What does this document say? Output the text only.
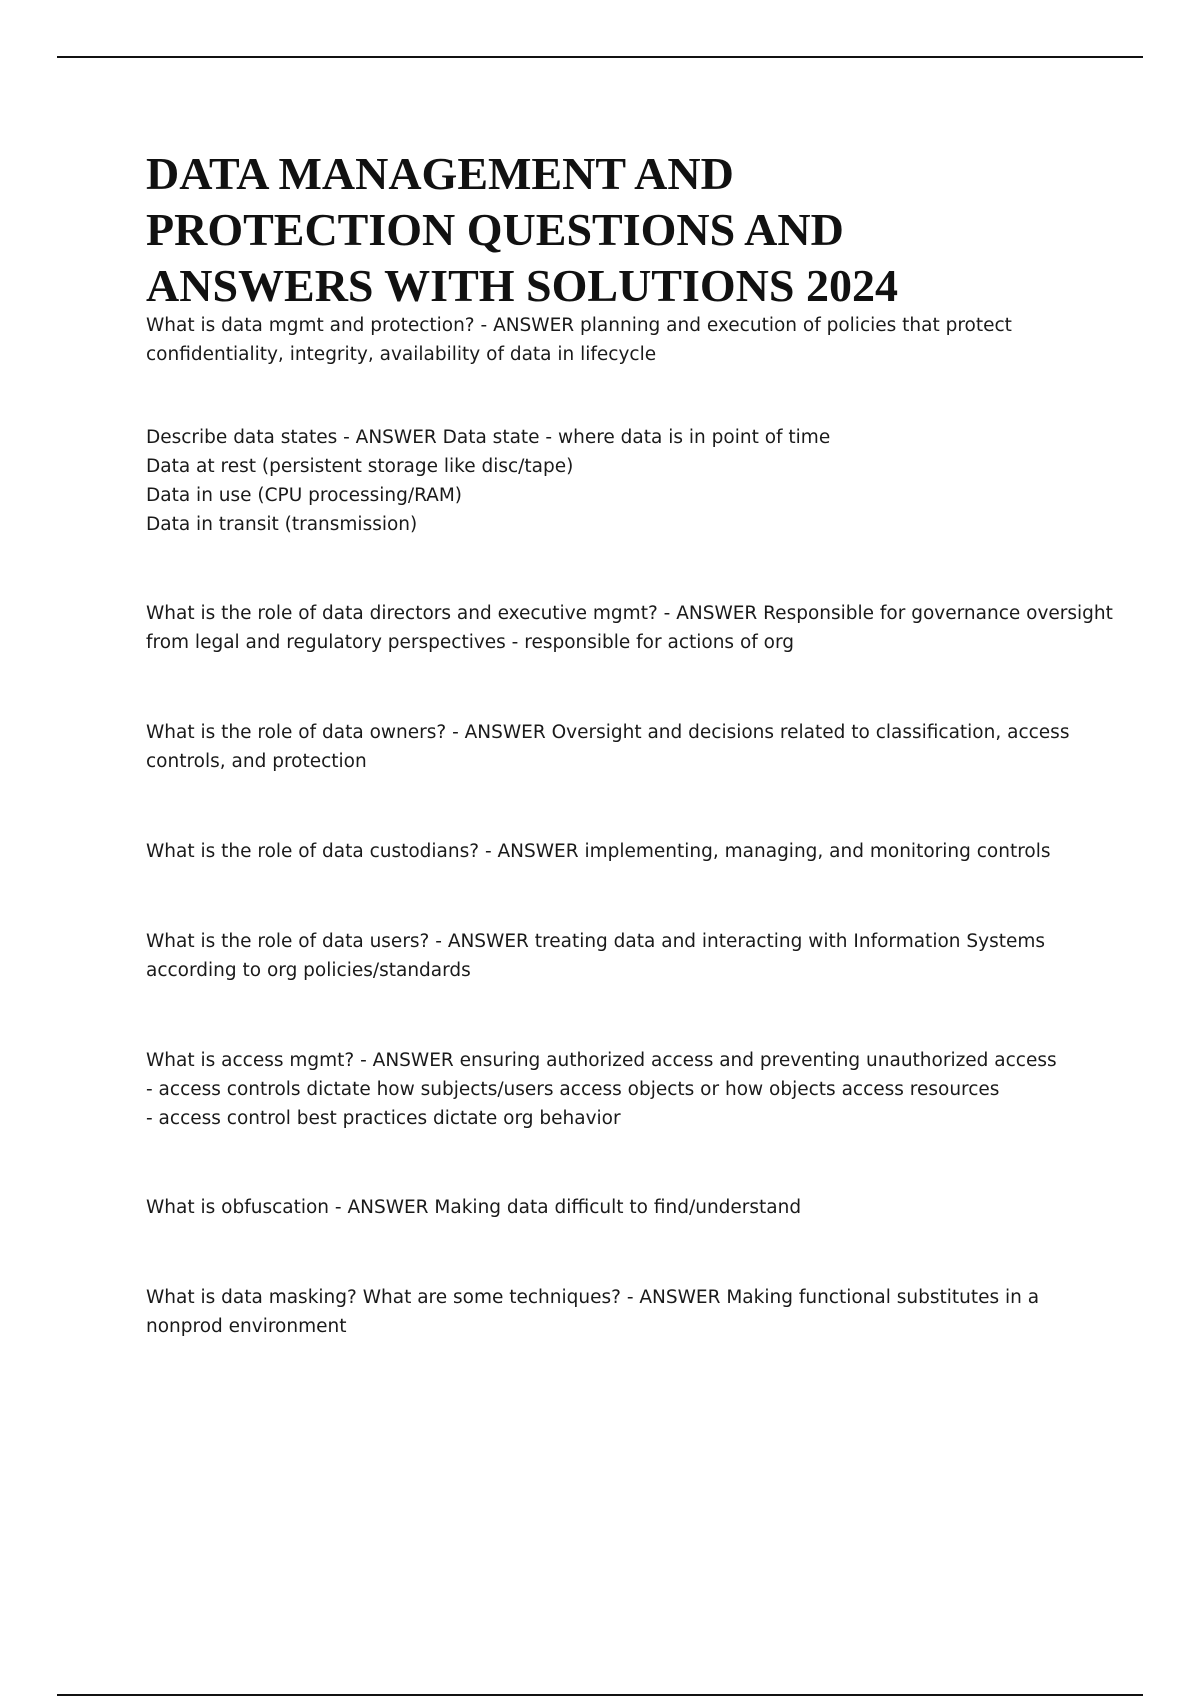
DATA MANAGEMENT AND
PROTECTION QUESTIONS AND
ANSWERS WITH SOLUTIONS 2024

What is data mgmt and protection? - ANSWER planning and execution of policies that protect
confidentiality, integrity, availability of data in lifecycle

Describe data states - ANSWER Data state - where data is in point of time

Data at rest (persistent storage like disc/tape)

Data in use (CPU processing/RAM)

Data in transit (transmission)

What is the role of data directors and executive mgmt? - ANSWER Responsible for governance oversight
from legal and regulatory perspectives - responsible for actions of org

What is the role of data owners? - ANSWER Oversight and decisions related to classification, access
controls, and protection

What is the role of data custodians? - ANSWER implementing, managing, and monitoring controls

What is the role of data users? - ANSWER treating data and interacting with Information Systems
according to org policies/standards

What is access mgmt? - ANSWER ensuring authorized access and preventing unauthorized access

- access controls dictate how subjects/users access objects or how objects access resources

- access control best practices dictate org behavior

What is obfuscation - ANSWER Making data difficult to find/understand

What is data masking? What are some techniques? - ANSWER Making functional substitutes in a
nonprod environment
